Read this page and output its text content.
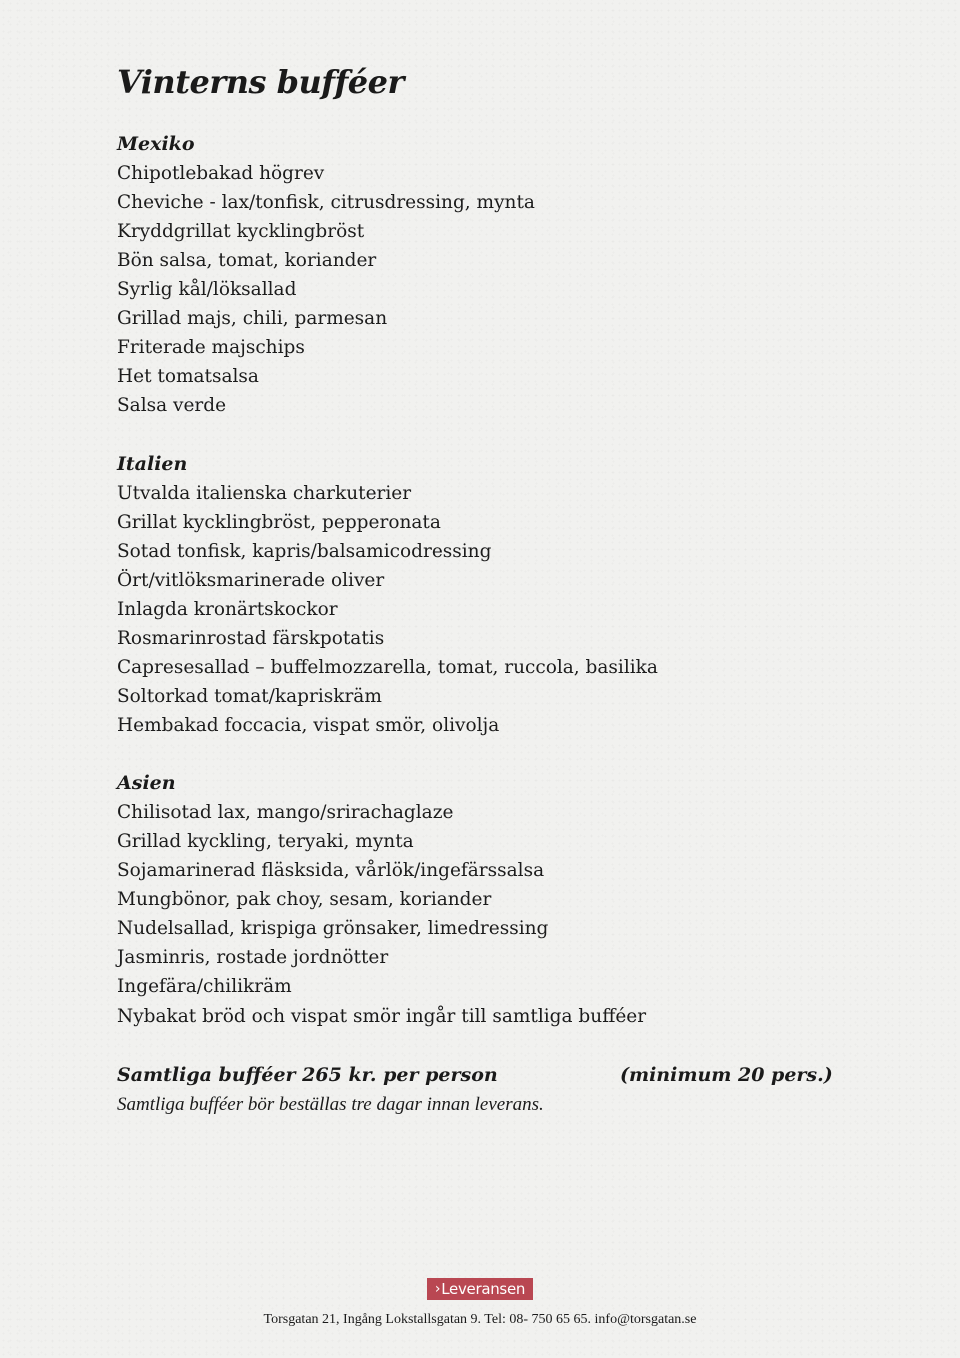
Vinterns bufféer
Mexiko
Chipotlebakad högrev
Cheviche - lax/tonfisk, citrusdressing, mynta
Kryddgrillat kycklingbröst
Bön salsa, tomat, koriander
Syrlig kål/löksallad
Grillad majs, chili, parmesan
Friterade majschips
Het tomatsalsa
Salsa verde
Italien
Utvalda italienska charkuterier
Grillat kycklingbröst, pepperonata
Sotad tonfisk, kapris/balsamicodressing
Ört/vitlöksmarinerade oliver
Inlagda kronärtskockor
Rosmarinrostad färskpotatis
Capresesallad – buffelmozzarella, tomat, ruccola, basilika
Soltorkad tomat/kapriskräm
Hembakad foccacia, vispat smör, olivolja
Asien
Chilisotad lax, mango/srirachaglaze
Grillad kyckling, teryaki, mynta
Sojamarinerad fläsksida, vårlök/ingefärssalsa
Mungbönor, pak choy, sesam, koriander
Nudelsallad, krispiga grönsaker, limedressing
Jasminris, rostade jordnötter
Ingefära/chilikräm
Nybakat bröd och vispat smör ingår till samtliga bufféer
Samtliga bufféer 265 kr. per person	(minimum 20 pers.)
Samtliga bufféer bör beställas tre dagar innan leverans.
› Leveransen
Torsgatan 21, Ingång Lokstallsgatan 9. Tel: 08- 750 65 65. info@torsgatan.se
